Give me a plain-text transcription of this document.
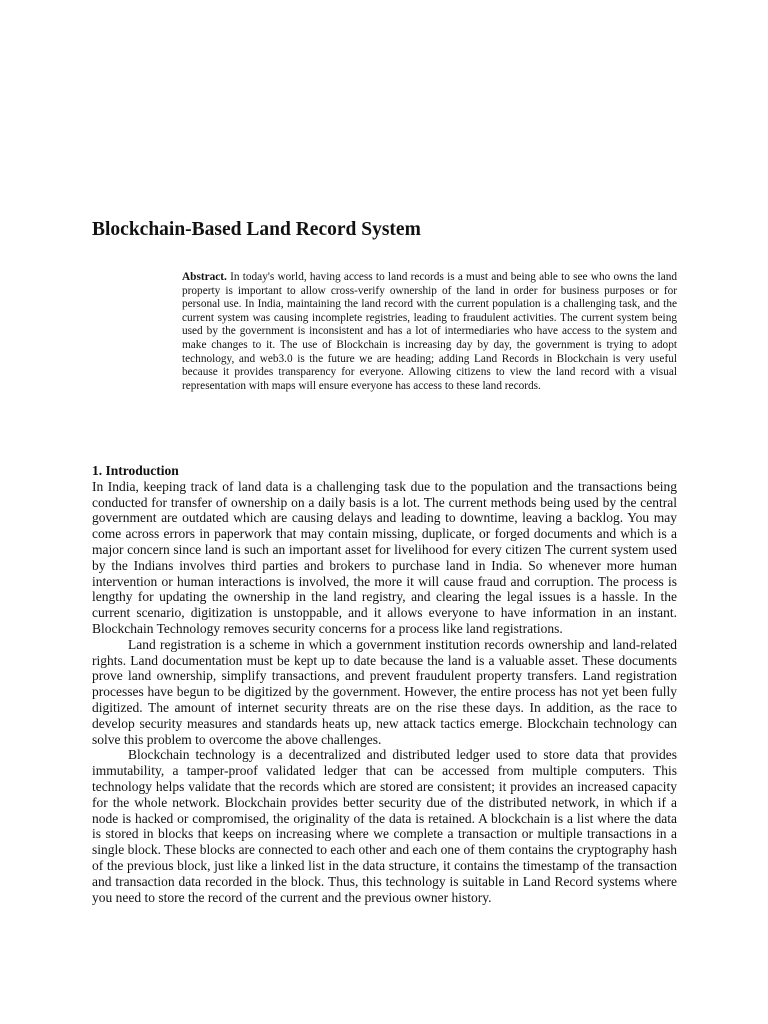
Blockchain-Based Land Record System

Abstract. In today's world, having access to land records is a must and being able to see who owns the land property is important to allow cross-verify ownership of the land in order for business purposes or for personal use. In India, maintaining the land record with the current population is a challenging task, and the current system was causing incomplete registries, leading to fraudulent activities. The current system being used by the government is inconsistent and has a lot of intermediaries who have access to the system and make changes to it. The use of Blockchain is increasing day by day, the government is trying to adopt technology, and web3.0 is the future we are heading; adding Land Records in Blockchain is very useful because it provides transparency for everyone. Allowing citizens to view the land record with a visual representation with maps will ensure everyone has access to these land records.

1. Introduction

In India, keeping track of land data is a challenging task due to the population and the transactions being conducted for transfer of ownership on a daily basis is a lot. The current methods being used by the central government are outdated which are causing delays and leading to downtime, leaving a backlog. You may come across errors in paperwork that may contain missing, duplicate, or forged documents and which is a major concern since land is such an important asset for livelihood for every citizen The current system used by the Indians involves third parties and brokers to purchase land in India. So whenever more human intervention or human interactions is involved, the more it will cause fraud and corruption. The process is lengthy for updating the ownership in the land registry, and clearing the legal issues is a hassle. In the current scenario, digitization is unstoppable, and it allows everyone to have information in an instant. Blockchain Technology removes security concerns for a process like land registrations.

Land registration is a scheme in which a government institution records ownership and land-related rights. Land documentation must be kept up to date because the land is a valuable asset. These documents prove land ownership, simplify transactions, and prevent fraudulent property transfers. Land registration processes have begun to be digitized by the government. However, the entire process has not yet been fully digitized. The amount of internet security threats are on the rise these days. In addition, as the race to develop security measures and standards heats up, new attack tactics emerge. Blockchain technology can solve this problem to overcome the above challenges.

Blockchain technology is a decentralized and distributed ledger used to store data that provides immutability, a tamper-proof validated ledger that can be accessed from multiple computers. This technology helps validate that the records which are stored are consistent; it provides an increased capacity for the whole network. Blockchain provides better security due of the distributed network, in which if a node is hacked or compromised, the originality of the data is retained. A blockchain is a list where the data is stored in blocks that keeps on increasing where we complete a transaction or multiple transactions in a single block. These blocks are connected to each other and each one of them contains the cryptography hash of the previous block, just like a linked list in the data structure, it contains the timestamp of the transaction and transaction data recorded in the block. Thus, this technology is suitable in Land Record systems where you need to store the record of the current and the previous owner history.
